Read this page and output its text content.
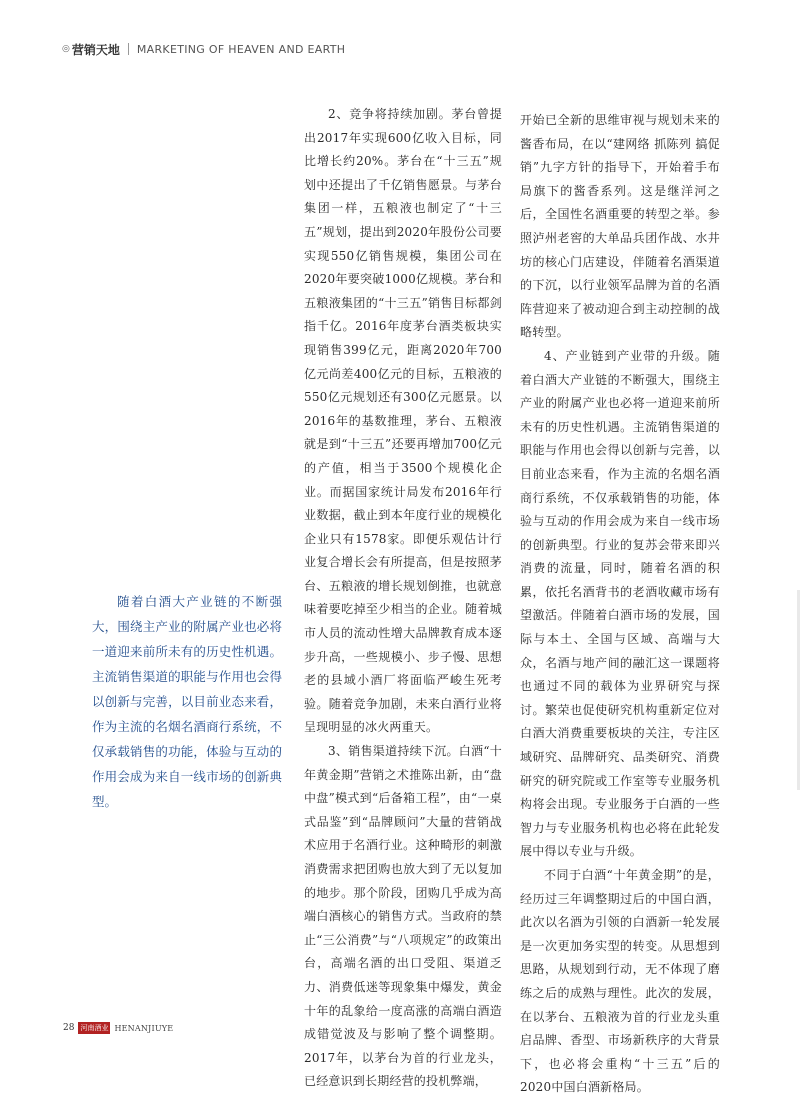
◎ 营销天地 MARKETING OF HEAVEN AND EARTH

随着白酒大产业链的不断强大，围绕主产业的附属产业也必将一道迎来前所未有的历史性机遇。主流销售渠道的职能与作用也会得以创新与完善，以目前业态来看，作为主流的名烟名酒商行系统，不仅承载销售的功能，体验与互动的作用会成为来自一线市场的创新典型。

2、竞争将持续加剧。茅台曾提出2017年实现600亿收入目标，同比增长约20%。茅台在“十三五”规划中还提出了千亿销售愿景。与茅台集团一样，五粮液也制定了“十三五”规划，提出到2020年股份公司要实现550亿销售规模，集团公司在2020年要突破1000亿规模。茅台和五粮液集团的“十三五”销售目标都剑指千亿。2016年度茅台酒类板块实现销售399亿元，距离2020年700亿元尚差400亿元的目标，五粮液的550亿元规划还有300亿元愿景。以2016年的基数推理，茅台、五粮液就是到“十三五”还要再增加700亿元的产值，相当于3500个规模化企业。而据国家统计局发布2016年行业数据，截止到本年度行业的规模化企业只有1578家。即便乐观估计行业复合增长会有所提高，但是按照茅台、五粮液的增长规划倒推，也就意味着要吃掉至少相当的企业。随着城市人员的流动性增大品牌教育成本逐步升高，一些规模小、步子慢、思想老的县域小酒厂将面临严峻生死考验。随着竞争加剧，未来白酒行业将呈现明显的冰火两重天。

3、销售渠道持续下沉。白酒“十年黄金期”营销之术推陈出新，由“盘中盘”模式到“后备箱工程”，由“一桌式品鉴”到“品牌顾问”大量的营销战术应用于名酒行业。这种畸形的刺激消费需求把团购也放大到了无以复加的地步。那个阶段，团购几乎成为高端白酒核心的销售方式。当政府的禁止“三公消费”与“八项规定”的政策出台，高端名酒的出口受阻、渠道乏力、消费低迷等现象集中爆发，黄金十年的乱象给一度高涨的高端白酒造成错觉波及与影响了整个调整期。2017年，以茅台为首的行业龙头，已经意识到长期经营的投机弊端，

开始已全新的思维审视与规划未来的酱香布局，在以“建网络 抓陈列 搞促销”九字方针的指导下，开始着手布局旗下的酱香系列。这是继洋河之后，全国性名酒重要的转型之举。参照泸州老窖的大单品兵团作战、水井坊的核心门店建设，伴随着名酒渠道的下沉，以行业领军品牌为首的名酒阵营迎来了被动迎合到主动控制的战略转型。

4、产业链到产业带的升级。随着白酒大产业链的不断强大，围绕主产业的附属产业也必将一道迎来前所未有的历史性机遇。主流销售渠道的职能与作用也会得以创新与完善，以目前业态来看，作为主流的名烟名酒商行系统，不仅承载销售的功能，体验与互动的作用会成为来自一线市场的创新典型。行业的复苏会带来即兴消费的流量，同时，随着名酒的积累，依托名酒背书的老酒收藏市场有望激活。伴随着白酒市场的发展，国际与本土、全国与区域、高端与大众，名酒与地产间的融汇这一课题将也通过不同的载体为业界研究与探讨。繁荣也促使研究机构重新定位对白酒大消费重要板块的关注，专注区域研究、品牌研究、品类研究、消费研究的研究院或工作室等专业服务机构将会出现。专业服务于白酒的一些智力与专业服务机构也必将在此轮发展中得以专业与升级。

不同于白酒“十年黄金期”的是，经历过三年调整期过后的中国白酒，此次以名酒为引领的白酒新一轮发展是一次更加务实型的转变。从思想到思路，从规划到行动，无不体现了磨练之后的成熟与理性。此次的发展，在以茅台、五粮液为首的行业龙头重启品牌、香型、市场新秩序的大背景下，也必将会重构“十三五”后的2020中国白酒新格局。

28 河南酒业 HENANJIUYE
